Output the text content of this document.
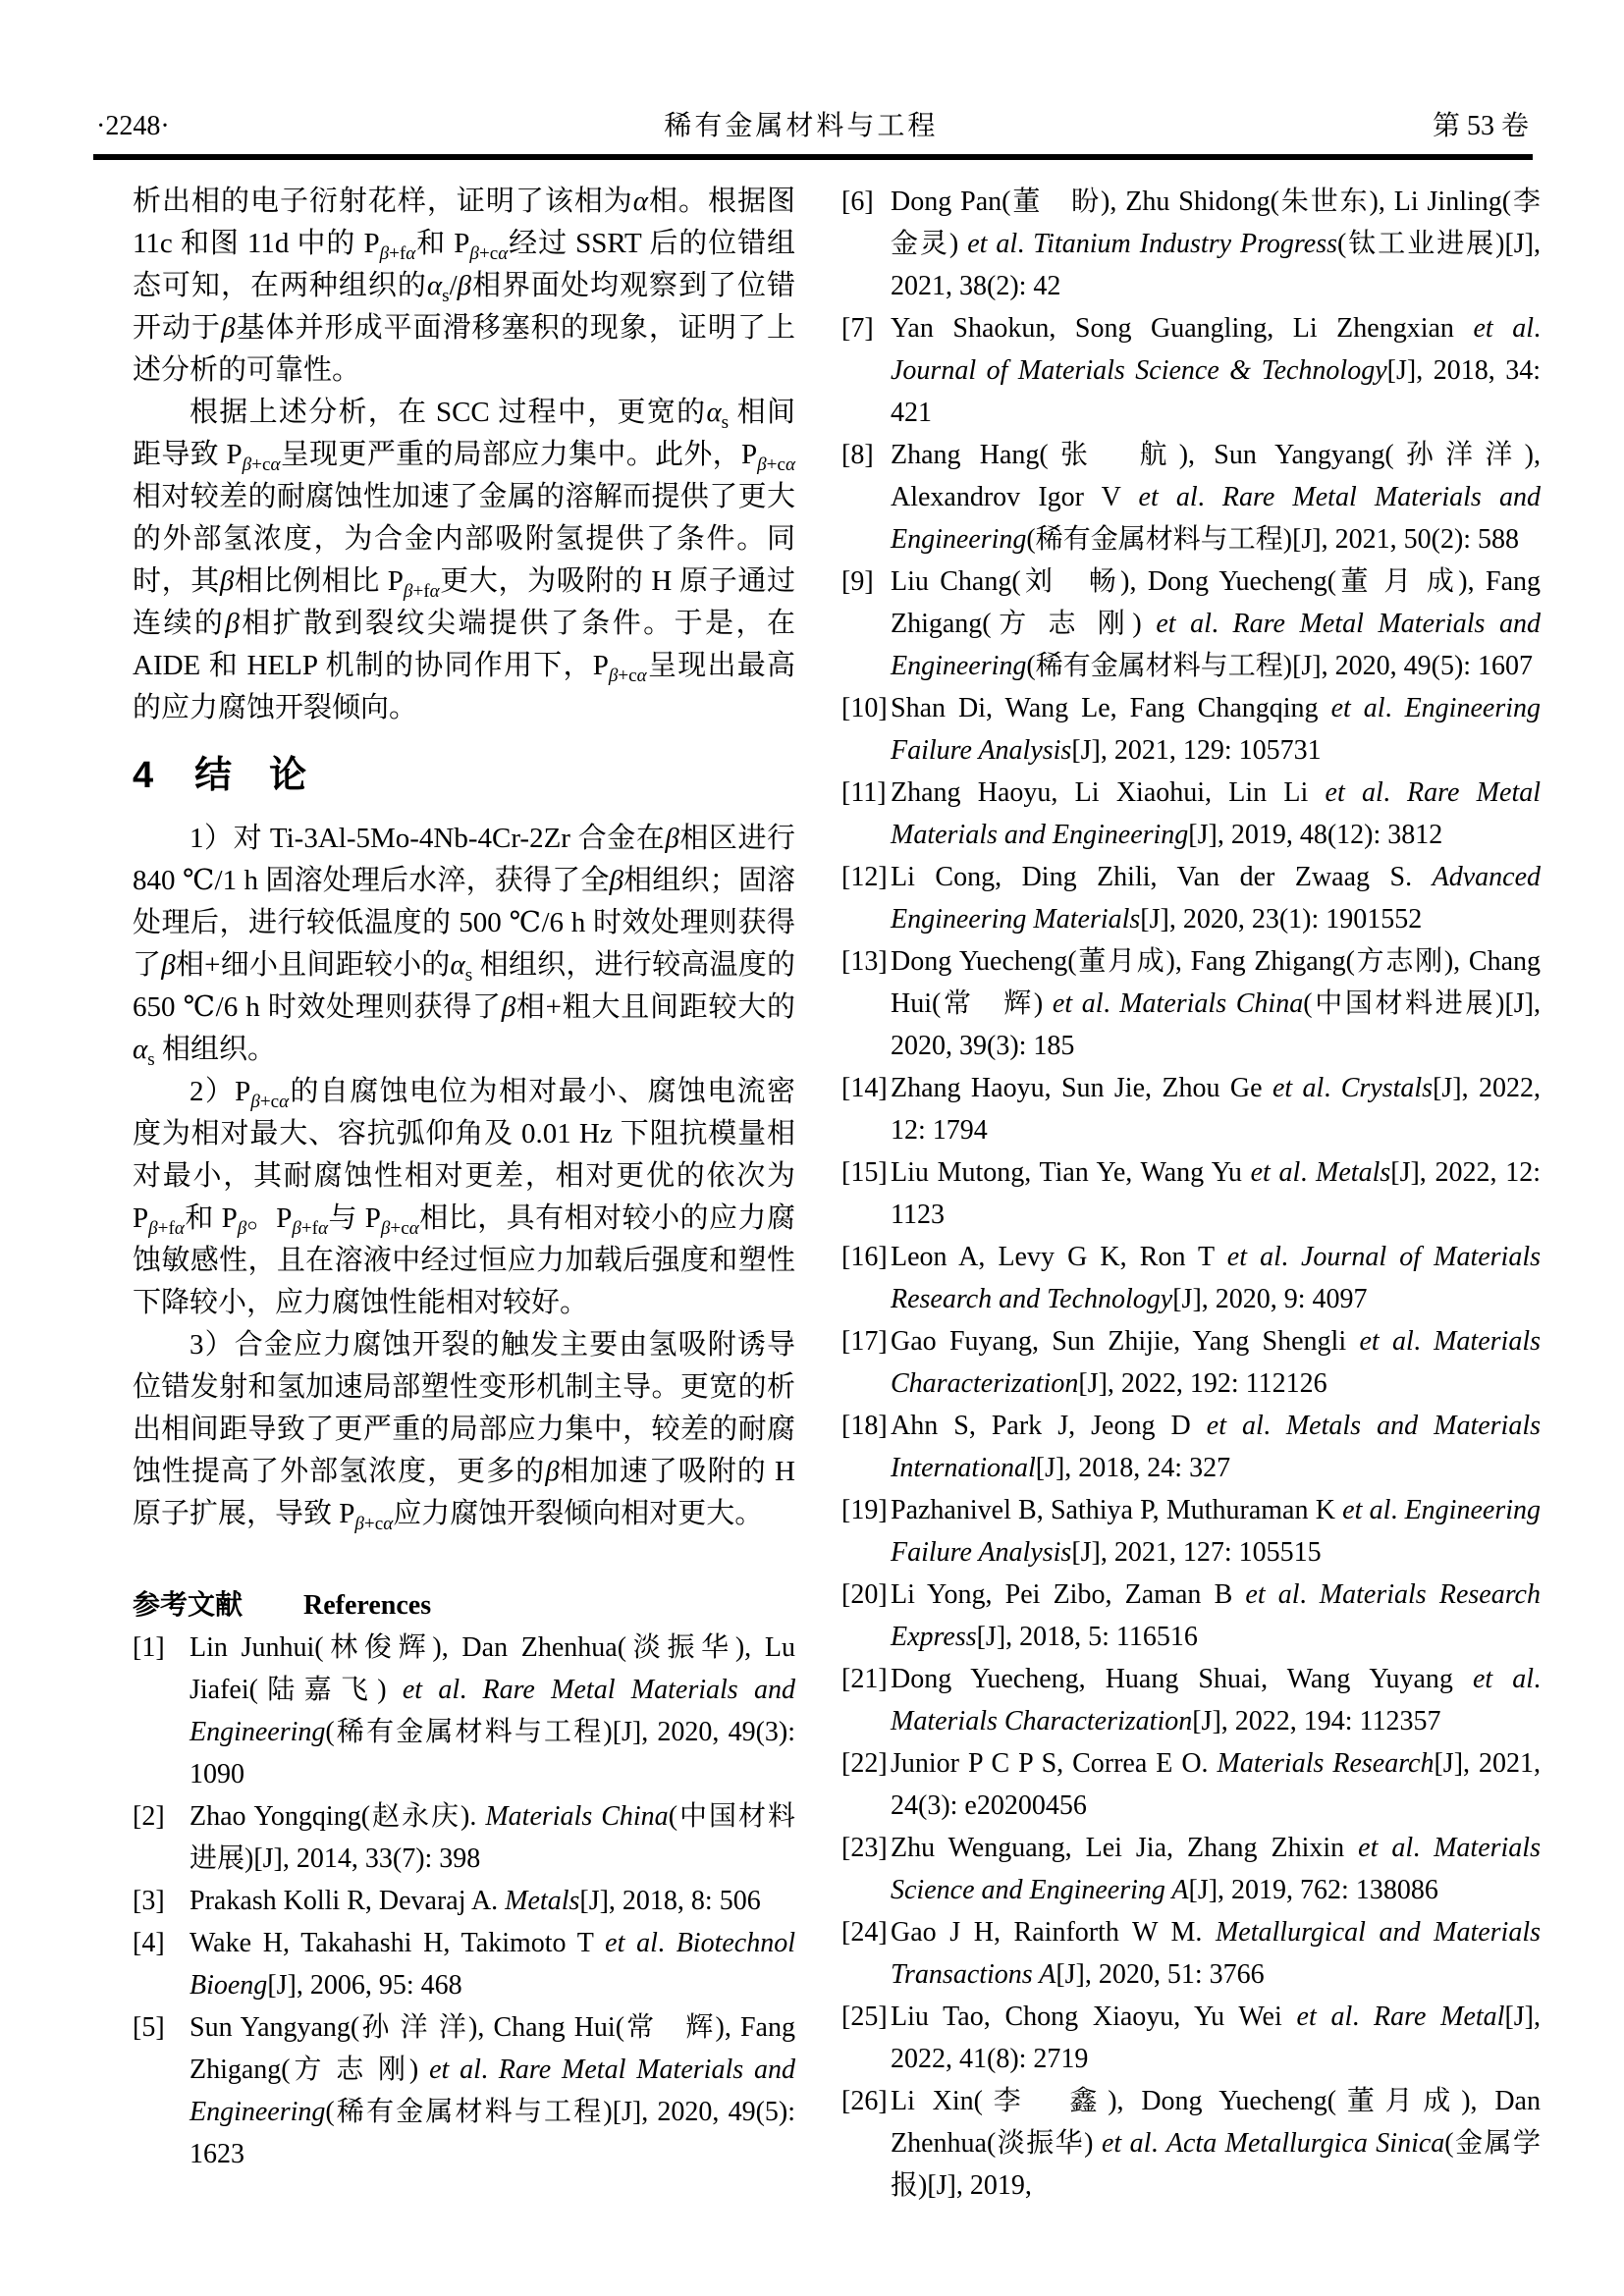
·2248·	稀有金属材料与工程	第 53 卷

析出相的电子衍射花样，证明了该相为α相。根据图 11c 和图 11d 中的 $P_{\beta+f\alpha}$和 $P_{\beta+c\alpha}$经过 SSRT 后的位错组态可知，在两种组织的$\alpha_s/\beta$相界面处均观察到了位错开动于β基体并形成平面滑移塞积的现象，证明了上述分析的可靠性。

根据上述分析，在 SCC 过程中，更宽的$\alpha_s$ 相间距导致 $P_{\beta+c\alpha}$呈现更严重的局部应力集中。此外，$P_{\beta+c\alpha}$相对较差的耐腐蚀性加速了金属的溶解而提供了更大的外部氢浓度，为合金内部吸附氢提供了条件。同时，其β相比例相比 $P_{\beta+f\alpha}$更大，为吸附的 H 原子通过连续的β相扩散到裂纹尖端提供了条件。于是，在 AIDE 和 HELP 机制的协同作用下，$P_{\beta+c\alpha}$呈现出最高的应力腐蚀开裂倾向。

4 结　论

1）对 Ti-3Al-5Mo-4Nb-4Cr-2Zr 合金在β相区进行 840 ℃/1 h 固溶处理后水淬，获得了全β相组织；固溶处理后，进行较低温度的 500 ℃/6 h 时效处理则获得了β相+细小且间距较小的$\alpha_s$ 相组织，进行较高温度的 650 ℃/6 h 时效处理则获得了β相+粗大且间距较大的$\alpha_s$ 相组织。

$2)P_{\beta+c\alpha}$的自腐蚀电位为相对最小、腐蚀电流密度为相对最大、容抗弧仰角及 0.01 Hz 下阻抗模量相对最小，其耐腐蚀性相对更差，相对更优的依次为 $P_{\beta+f\alpha}$和 $P_\beta$。$P_{\beta+f\alpha}$与 $P_{\beta+c\alpha}$相比，具有相对较小的应力腐蚀敏感性，且在溶液中经过恒应力加载后强度和塑性下降较小，应力腐蚀性能相对较好。

3）合金应力腐蚀开裂的触发主要由氢吸附诱导位错发射和氢加速局部塑性变形机制主导。更宽的析出相间距导致了更严重的局部应力集中，较差的耐腐蚀性提高了外部氢浓度，更多的β相加速了吸附的 H 原子扩展，导致 $P_{\beta+c\alpha}$应力腐蚀开裂倾向相对更大。

参考文献 References
[1] Lin Junhui(林俊辉), Dan Zhenhua(淡振华), Lu Jiafei(陆嘉飞) et al. Rare Metal Materials and Engineering(稀有金属材料与工程)[J], 2020, 49(3): 1090
[2] Zhao Yongqing(赵永庆). Materials China(中国材料进展)[J], 2014, 33(7): 398
[3] Prakash Kolli R, Devaraj A. Metals[J], 2018, 8: 506
[4] Wake H, Takahashi H, Takimoto T et al. Biotechnol Bioeng[J], 2006, 95: 468
[5] Sun Yangyang(孙 洋 洋), Chang Hui(常　辉), Fang Zhigang(方 志 刚) et al. Rare Metal Materials and Engineering(稀有金属材料与工程)[J], 2020, 49(5): 1623
[6] Dong Pan(董　盼), Zhu Shidong(朱世东), Li Jinling(李金灵) et al. Titanium Industry Progress(钛工业进展)[J], 2021, 38(2): 42
[7] Yan Shaokun, Song Guangling, Li Zhengxian et al. Journal of Materials Science & Technology[J], 2018, 34: 421
[8] Zhang Hang(张　航), Sun Yangyang(孙洋洋), Alexandrov Igor V et al. Rare Metal Materials and Engineering(稀有金属材料与工程)[J], 2021, 50(2): 588
[9] Liu Chang(刘　畅), Dong Yuecheng(董 月 成), Fang Zhigang(方 志 刚) et al. Rare Metal Materials and Engineering(稀有金属材料与工程)[J], 2020, 49(5): 1607
[10] Shan Di, Wang Le, Fang Changqing et al. Engineering Failure Analysis[J], 2021, 129: 105731
[11] Zhang Haoyu, Li Xiaohui, Lin Li et al. Rare Metal Materials and Engineering[J], 2019, 48(12): 3812
[12] Li Cong, Ding Zhili, Van der Zwaag S. Advanced Engineering Materials[J], 2020, 23(1): 1901552
[13] Dong Yuecheng(董月成), Fang Zhigang(方志刚), Chang Hui(常　辉) et al. Materials China(中国材料进展)[J], 2020, 39(3): 185
[14] Zhang Haoyu, Sun Jie, Zhou Ge et al. Crystals[J], 2022, 12: 1794
[15] Liu Mutong, Tian Ye, Wang Yu et al. Metals[J], 2022, 12: 1123
[16] Leon A, Levy G K, Ron T et al. Journal of Materials Research and Technology[J], 2020, 9: 4097
[17] Gao Fuyang, Sun Zhijie, Yang Shengli et al. Materials Characterization[J], 2022, 192: 112126
[18] Ahn S, Park J, Jeong D et al. Metals and Materials International[J], 2018, 24: 327
[19] Pazhanivel B, Sathiya P, Muthuraman K et al. Engineering Failure Analysis[J], 2021, 127: 105515
[20] Li Yong, Pei Zibo, Zaman B et al. Materials Research Express[J], 2018, 5: 116516
[21] Dong Yuecheng, Huang Shuai, Wang Yuyang et al. Materials Characterization[J], 2022, 194: 112357
[22] Junior P C P S, Correa E O. Materials Research[J], 2021, 24(3): e20200456
[23] Zhu Wenguang, Lei Jia, Zhang Zhixin et al. Materials Science and Engineering A[J], 2019, 762: 138086
[24] Gao J H, Rainforth W M. Metallurgical and Materials Transactions A[J], 2020, 51: 3766
[25] Liu Tao, Chong Xiaoyu, Yu Wei et al. Rare Metal[J], 2022, 41(8): 2719
[26] Li Xin(李　鑫), Dong Yuecheng(董月成), Dan Zhenhua(淡振华) et al. Acta Metallurgica Sinica(金属学报)[J], 2019,
